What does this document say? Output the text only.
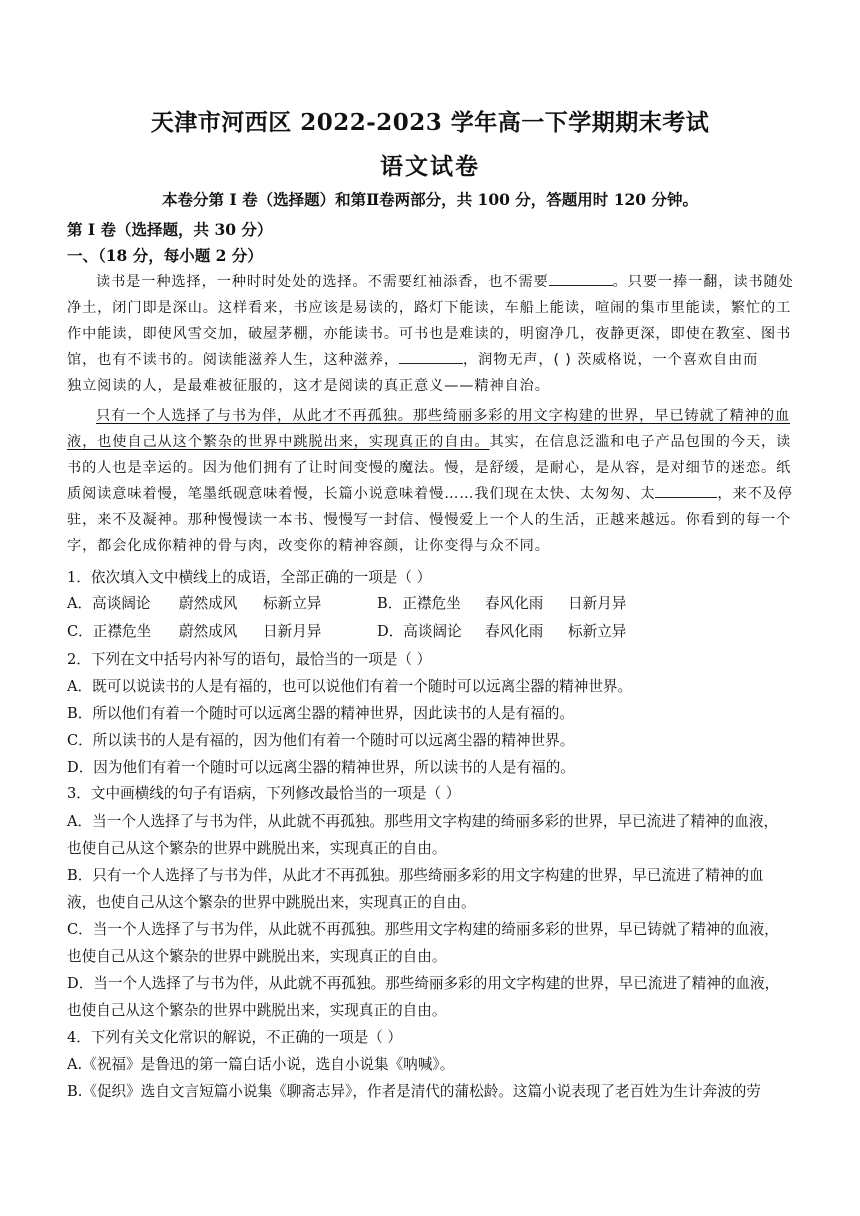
天津市河西区 2022-2023 学年高一下学期期末考试
语文试卷
本卷分第 I 卷（选择题）和第Ⅱ卷两部分，共 100 分，答题用时 120 分钟。
第 I 卷（选择题，共 30 分）
一、（18 分，每小题 2 分）
读书是一种选择，一种时时处处的选择。不需要红袖添香，也不需要	。只要一捧一翻，读书随处
净土，闭门即是深山。这样看来，书应该是易读的，路灯下能读，车船上能读，喧闹的集市里能读，繁忙的工
作中能读，即使风雪交加，破屋茅棚，亦能读书。可书也是难读的，明窗净几，夜静更深，即使在教室、图书
馆，也有不读书的。阅读能滋养人生，这种滋养，	，润物无声，( ) 茨威格说，一个喜欢自由而
独立阅读的人，是最难被征服的，这才是阅读的真正意义——精神自治。
只有一个人选择了与书为伴，从此才不再孤独。那些绮丽多彩的用文字构建的世界，早已铸就了精神的血
液，也使自己从这个繁杂的世界中跳脱出来，实现真正的自由。其实，在信息泛滥和电子产品包围的今天，读
书的人也是幸运的。因为他们拥有了让时间变慢的魔法。慢，是舒缓，是耐心，是从容，是对细节的迷恋。纸
质阅读意味着慢，笔墨纸砚意味着慢，长篇小说意味着慢……我们现在太快、太匆匆、太	，来不及停
驻，来不及凝神。那种慢慢读一本书、慢慢写一封信、慢慢爱上一个人的生活，正越来越远。你看到的每一个
字，都会化成你精神的骨与肉，改变你的精神容颜，让你变得与众不同。
1．依次填入文中横线上的成语，全部正确的一项是（ ）
A．高谈阔论 蔚然成风 标新立异	B．正襟危坐 春风化雨 日新月异
C．正襟危坐 蔚然成风 日新月异	D．高谈阔论 春风化雨 标新立异
2．下列在文中括号内补写的语句，最恰当的一项是（ ）
A．既可以说读书的人是有福的，也可以说他们有着一个随时可以远离尘器的精神世界。
B．所以他们有着一个随时可以远离尘器的精神世界，因此读书的人是有福的。
C．所以读书的人是有福的，因为他们有着一个随时可以远离尘器的精神世界。
D．因为他们有着一个随时可以远离尘器的精神世界，所以读书的人是有福的。
3．文中画横线的句子有语病，下列修改最恰当的一项是（ ）
A．当一个人选择了与书为伴，从此就不再孤独。那些用文字构建的绮丽多彩的世界，早已流进了精神的血液，
也使自己从这个繁杂的世界中跳脱出来，实现真正的自由。
B．只有一个人选择了与书为伴，从此才不再孤独。那些绮丽多彩的用文字构建的世界，早已流进了精神的血
液，也使自己从这个繁杂的世界中跳脱出来，实现真正的自由。
C．当一个人选择了与书为伴，从此就不再孤独。那些用文字构建的绮丽多彩的世界，早已铸就了精神的血液，
也使自己从这个繁杂的世界中跳脱出来，实现真正的自由。
D．当一个人选择了与书为伴，从此就不再孤独。那些绮丽多彩的用文字构建的世界，早已流进了精神的血液，
也使自己从这个繁杂的世界中跳脱出来，实现真正的自由。
4．下列有关文化常识的解说，不正确的一项是（ ）
A.《祝福》是鲁迅的第一篇白话小说，选自小说集《呐喊》。
B.《促织》选自文言短篇小说集《聊斋志异》，作者是清代的蒲松龄。这篇小说表现了老百姓为生计奔波的劳
